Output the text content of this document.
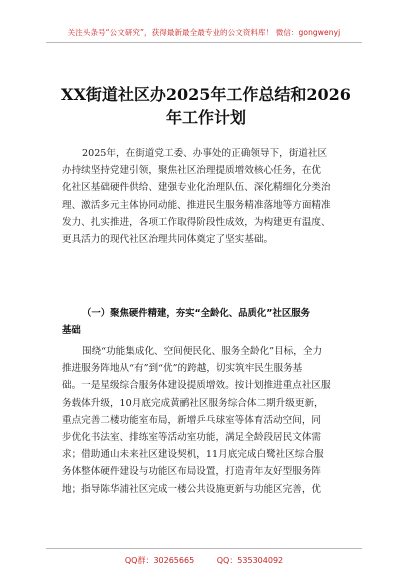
关注头条号“公文研究”，获得最新最全最专业的公文资料库！ 微信：gongwenyj
XX街道社区办2025年工作总结和2026
年工作计划
2025年，在街道党工委、办事处的正确领导下，街道社区
办持续坚持党建引领，聚焦社区治理提质增效核心任务，在优
化社区基础硬件供给、建强专业化治理队伍、深化精细化分类治
理、激活多元主体协同动能、推进民生服务精准落地等方面精准
发力、扎实推进，各项工作取得阶段性成效，为构建更有温度、
更具活力的现代社区治理共同体奠定了坚实基础。
（一）聚焦硬件精建，夯实“全龄化、品质化”社区服务
基础
围绕“功能集成化、空间便民化、服务全龄化”目标，全力
推进服务阵地从“有”到“优”的跨越，切实筑牢民生服务基
础。一是星级综合服务体建设提质增效。按计划推进重点社区服
务载体升级，10月底完成黄鹂社区服务综合体二期升级更新，
重点完善二楼功能室布局，新增乒乓球室等体育活动空间，同
步优化书法室、排练室等活动室功能，满足全龄段居民文体需
求；借助通山未来社区建设契机，11月底完成白鹭社区综合服
务体整体硬件建设与功能区布局设置，打造青年友好型服务阵
地；指导陈华浦社区完成一楼公共设施更新与功能区完善，优
QQ群：30265665	QQ：535304092
